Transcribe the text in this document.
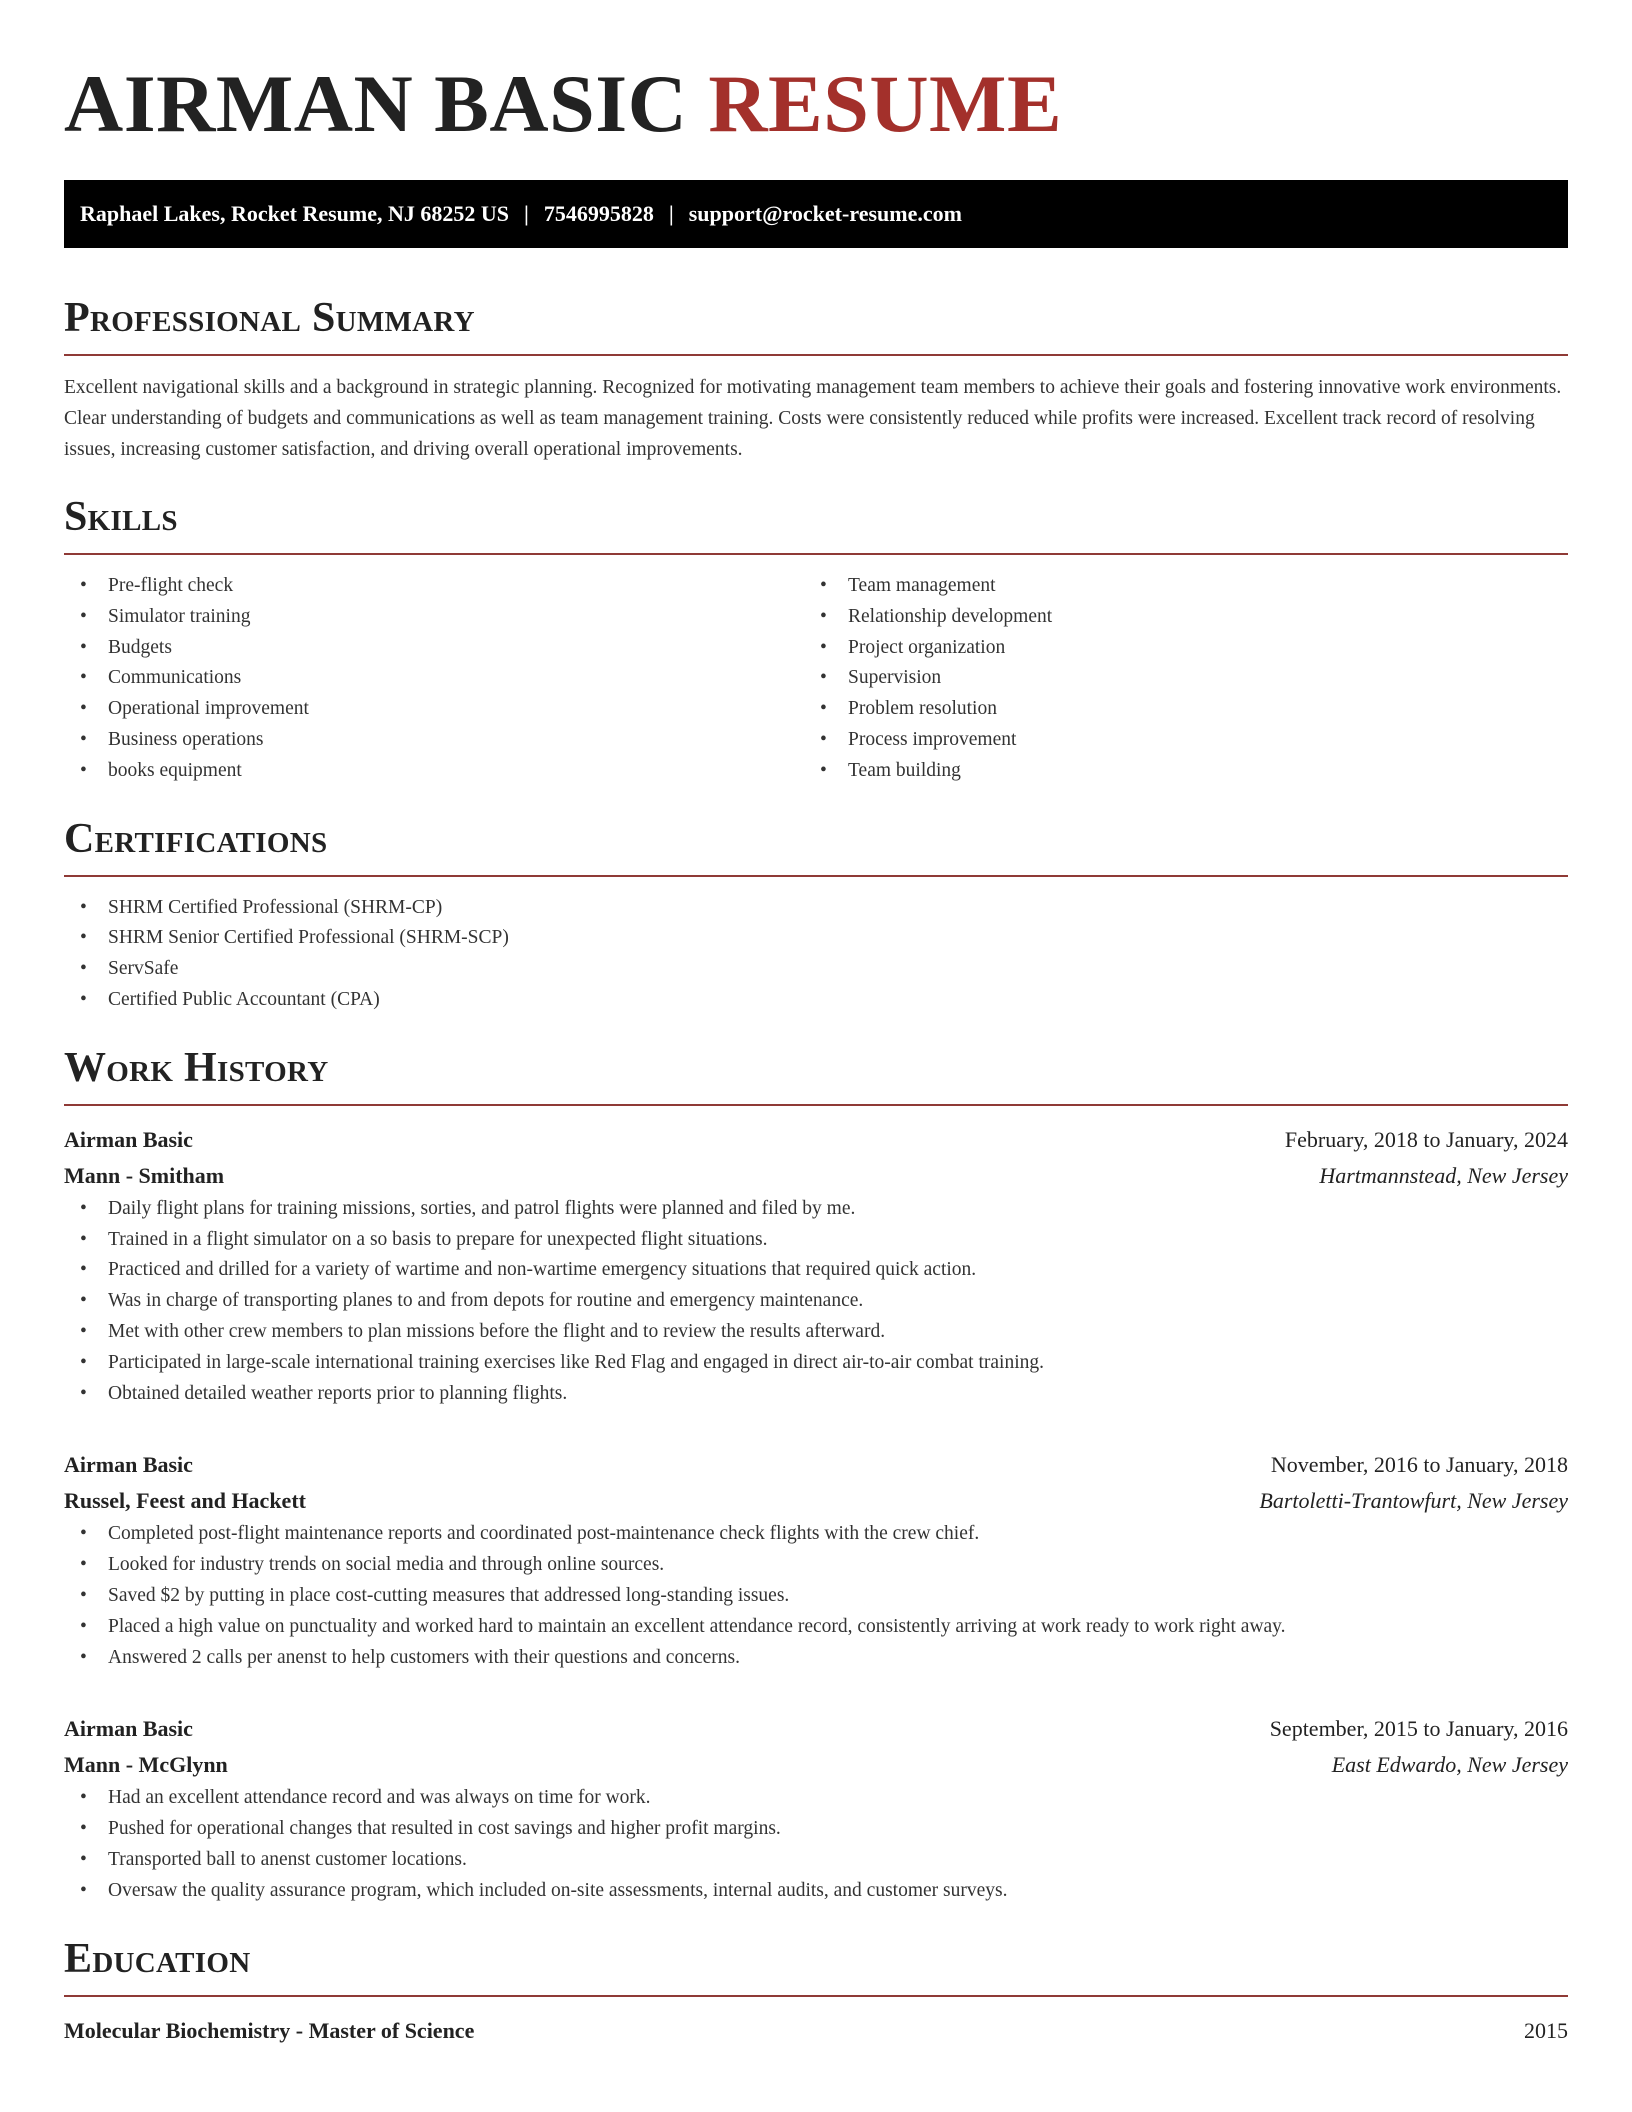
AIRMAN BASIC RESUME
Raphael Lakes, Rocket Resume, NJ 68252 US | 7546995828 | support@rocket-resume.com
Professional Summary

Excellent navigational skills and a background in strategic planning. Recognized for motivating management team members to achieve their goals and fostering innovative work environments. Clear understanding of budgets and communications as well as team management training. Costs were consistently reduced while profits were increased. Excellent track record of resolving issues, increasing customer satisfaction, and driving overall operational improvements.

Skills
• Pre-flight check
• Simulator training
• Budgets
• Communications
• Operational improvement
• Business operations
• books equipment
• Team management
• Relationship development
• Project organization
• Supervision
• Problem resolution
• Process improvement
• Team building
Certifications
• SHRM Certified Professional (SHRM-CP)
• SHRM Senior Certified Professional (SHRM-SCP)
• ServSafe
• Certified Public Accountant (CPA)
Work History
Airman Basic	February, 2018 to January, 2024
Mann - Smitham	Hartmannstead, New Jersey
• Daily flight plans for training missions, sorties, and patrol flights were planned and filed by me.
• Trained in a flight simulator on a so basis to prepare for unexpected flight situations.
• Practiced and drilled for a variety of wartime and non-wartime emergency situations that required quick action.
• Was in charge of transporting planes to and from depots for routine and emergency maintenance.
• Met with other crew members to plan missions before the flight and to review the results afterward.
• Participated in large-scale international training exercises like Red Flag and engaged in direct air-to-air combat training.
• Obtained detailed weather reports prior to planning flights.
Airman Basic	November, 2016 to January, 2018
Russel, Feest and Hackett	Bartoletti-Trantowfurt, New Jersey
• Completed post-flight maintenance reports and coordinated post-maintenance check flights with the crew chief.
• Looked for industry trends on social media and through online sources.
• Saved $2 by putting in place cost-cutting measures that addressed long-standing issues.
• Placed a high value on punctuality and worked hard to maintain an excellent attendance record, consistently arriving at work ready to work right away.
• Answered 2 calls per anenst to help customers with their questions and concerns.
Airman Basic	September, 2015 to January, 2016
Mann - McGlynn	East Edwardo, New Jersey
• Had an excellent attendance record and was always on time for work.
• Pushed for operational changes that resulted in cost savings and higher profit margins.
• Transported ball to anenst customer locations.
• Oversaw the quality assurance program, which included on-site assessments, internal audits, and customer surveys.
Education
Molecular Biochemistry - Master of Science	2015
